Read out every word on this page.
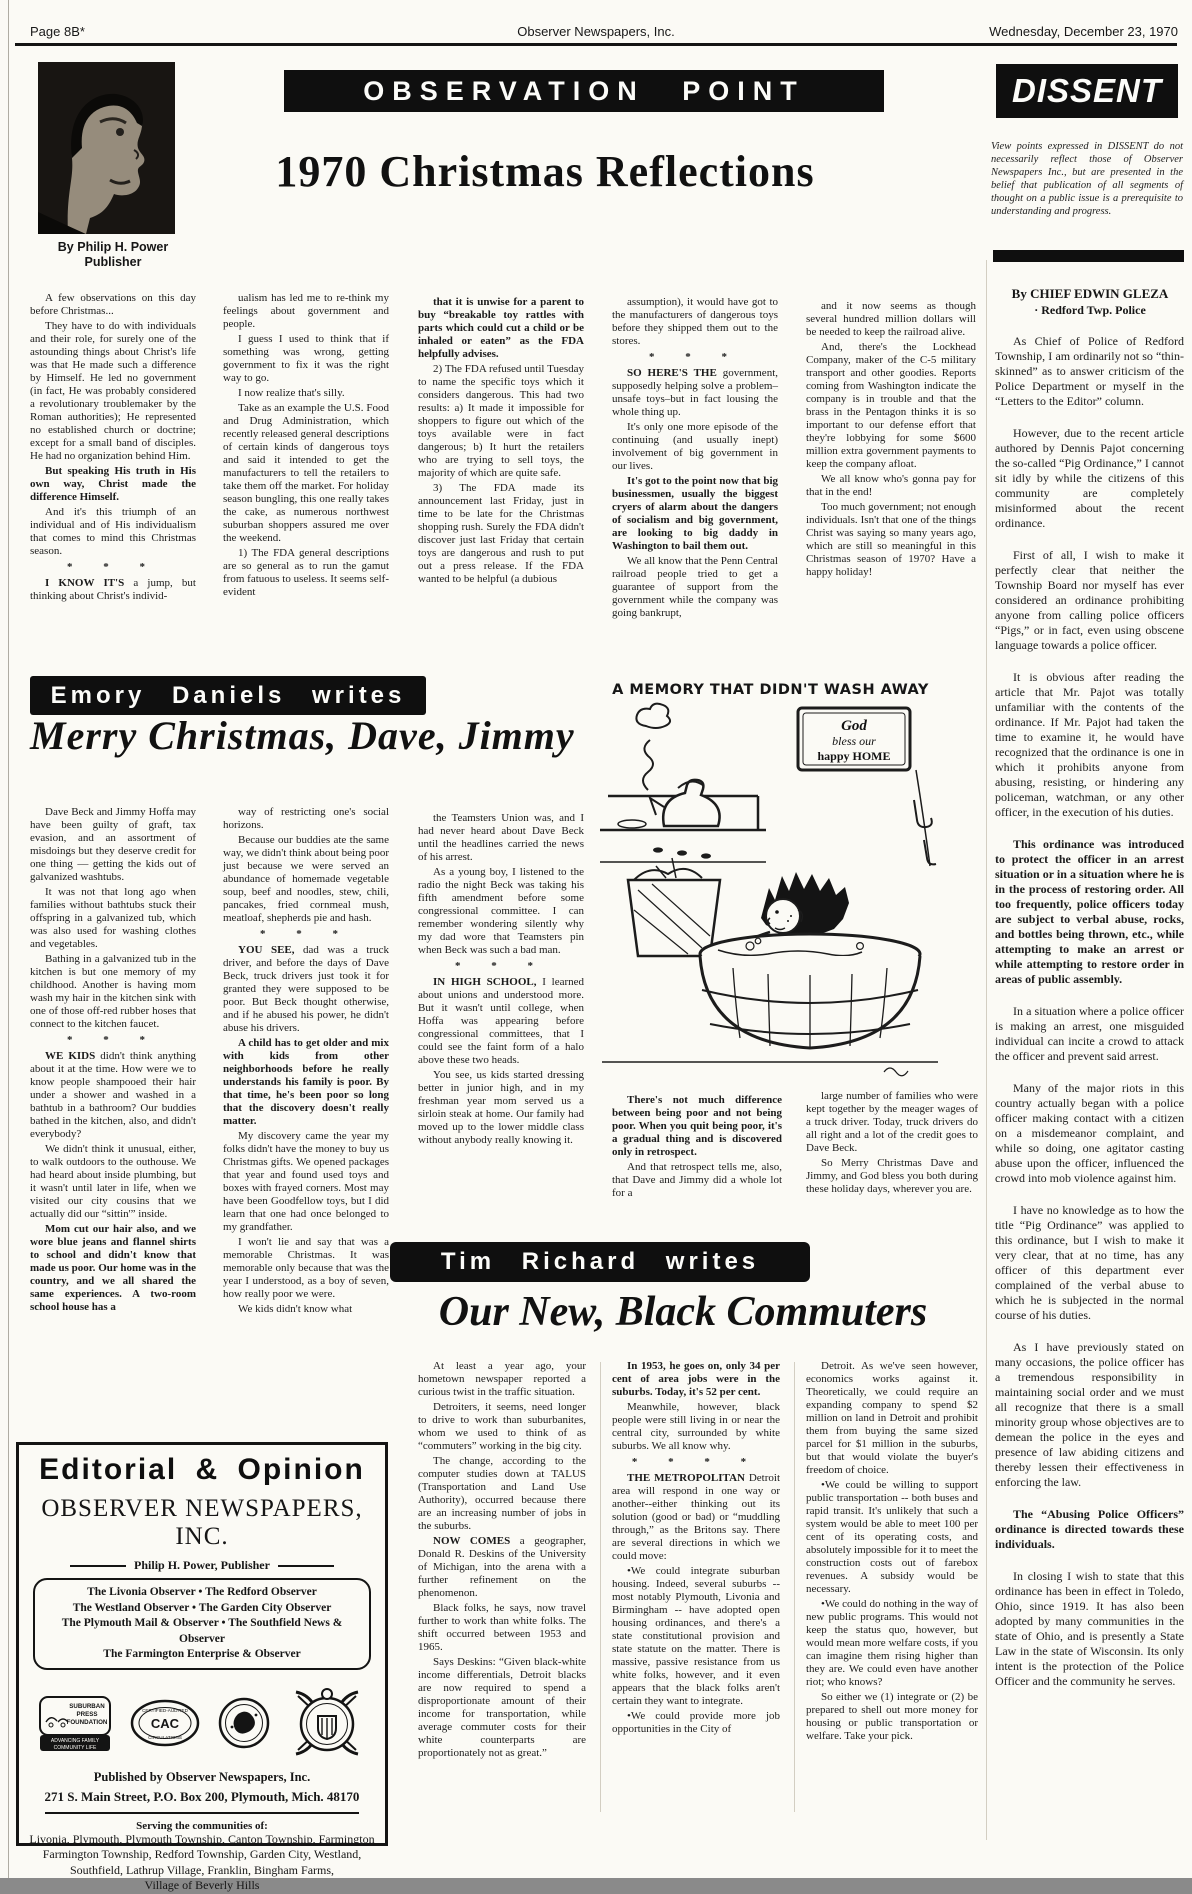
Page 8B*	Observer Newspapers, Inc.	Wednesday, December 23, 1970
By Philip H. Power
Publisher
OBSERVATION POINT	DISSENT
View points expressed in DISSENT do not necessarily reflect those of Observer Newspapers Inc., but are presented in the belief that publication of all segments of thought on a public issue is a prerequisite to understanding and progress.
1970 Christmas Reflections

A few observations on this day before Christmas...

They have to do with individuals and their role, for surely one of the astounding things about Christ's life was that He made such a difference by Himself. He led no government (in fact, He was probably considered a revolutionary troublemaker by the Roman authorities); He represented no established church or doctrine; except for a small band of disciples. He had no organization behind Him.

But speaking His truth in His own way, Christ made the difference Himself.

And it's this triumph of an individual and of His individualism that comes to mind this Christmas season.

* * *

I KNOW IT'S a jump, but thinking about Christ's individ-

ualism has led me to re-think my feelings about government and people.

I guess I used to think that if something was wrong, getting government to fix it was the right way to go.

I now realize that's silly.

Take as an example the U.S. Food and Drug Administration, which recently released general descriptions of certain kinds of dangerous toys and said it intended to get the manufacturers to tell the retailers to take them off the market. For holiday season bungling, this one really takes the cake, as numerous northwest suburban shoppers assured me over the weekend.

1) The FDA general descriptions are so general as to run the gamut from fatuous to useless. It seems self-evident

that it is unwise for a parent to buy “breakable toy rattles with parts which could cut a child or be inhaled or eaten” as the FDA helpfully advises.

2) The FDA refused until Tuesday to name the specific toys which it considers dangerous. This had two results: a) It made it impossible for shoppers to figure out which of the toys available were in fact dangerous; b) It hurt the retailers who are trying to sell toys, the majority of which are quite safe.

3) The FDA made its announcement last Friday, just in time to be late for the Christmas shopping rush. Surely the FDA didn't discover just last Friday that certain toys are dangerous and rush to put out a press release. If the FDA wanted to be helpful (a dubious

assumption), it would have got to the manufacturers of dangerous toys before they shipped them out to the stores.

* * *

SO HERE'S THE government, supposedly helping solve a problem–unsafe toys–but in fact lousing the whole thing up.

It's only one more episode of the continuing (and usually inept) involvement of big government in our lives.

It's got to the point now that big businessmen, usually the biggest cryers of alarm about the dangers of socialism and big government, are looking to big daddy in Washington to bail them out.

We all know that the Penn Central railroad people tried to get a guarantee of support from the government while the company was going bankrupt,

and it now seems as though several hundred million dollars will be needed to keep the railroad alive.

And, there's the Lockhead Company, maker of the C-5 military transport and other goodies. Reports coming from Washington indicate the company is in trouble and that the brass in the Pentagon thinks it is so important to our defense effort that they're lobbying for some $600 million extra government payments to keep the company afloat.

We all know who's gonna pay for that in the end!

Too much government; not enough individuals. Isn't that one of the things Christ was saying so many years ago, which are still so meaningful in this Christmas season of 1970? Have a happy holiday!

By CHIEF EDWIN GLEZA
· Redford Twp. Police

As Chief of Police of Redford Township, I am ordinarily not so “thin-skinned” as to answer criticism of the Police Department or myself in the “Letters to the Editor” column.

However, due to the recent article authored by Dennis Pajot concerning the so-called “Pig Ordinance,” I cannot sit idly by while the citizens of this community are completely misinformed about the recent ordinance.

First of all, I wish to make it perfectly clear that neither the Township Board nor myself has ever considered an ordinance prohibiting anyone from calling police officers “Pigs,” or in fact, even using obscene language towards a police officer.

It is obvious after reading the article that Mr. Pajot was totally unfamiliar with the contents of the ordinance. If Mr. Pajot had taken the time to examine it, he would have recognized that the ordinance is one in which it prohibits anyone from abusing, resisting, or hindering any policeman, watchman, or any other officer, in the execution of his duties.

This ordinance was introduced to protect the officer in an arrest situation or in a situation where he is in the process of restoring order. All too frequently, police officers today are subject to verbal abuse, rocks, and bottles being thrown, etc., while attempting to make an arrest or while attempting to restore order in areas of public assembly.

In a situation where a police officer is making an arrest, one misguided individual can incite a crowd to attack the officer and prevent said arrest.

Many of the major riots in this country actually began with a police officer making contact with a citizen on a misdemeanor complaint, and while so doing, one agitator casting abuse upon the officer, influenced the crowd into mob violence against him.

I have no knowledge as to how the title “Pig Ordinance” was applied to this ordinance, but I wish to make it very clear, that at no time, has any officer of this department ever complained of the verbal abuse to which he is subjected in the normal course of his duties.

As I have previously stated on many occasions, the police officer has a tremendous responsibility in maintaining social order and we must all recognize that there is a small minority group whose objectives are to demean the police in the eyes and presence of law abiding citizens and thereby lessen their effectiveness in enforcing the law.

The “Abusing Police Officers” ordinance is directed towards these individuals.

In closing I wish to state that this ordinance has been in effect in Toledo, Ohio, since 1919. It has also been adopted by many communities in the state of Ohio, and is presently a State Law in the state of Wisconsin. Its only intent is the protection of the Police Officer and the community he serves.

Emory Daniels writes
Merry Christmas, Dave, Jimmy
A MEMORY THAT DIDN'T WASH AWAY
God
bless our
happy HOME

Dave Beck and Jimmy Hoffa may have been guilty of graft, tax evasion, and an assortment of misdoings but they deserve credit for one thing — getting the kids out of galvanized washtubs.

It was not that long ago when families without bathtubs stuck their offspring in a galvanized tub, which was also used for washing clothes and vegetables.

Bathing in a galvanized tub in the kitchen is but one memory of my childhood. Another is having mom wash my hair in the kitchen sink with one of those off-red rubber hoses that connect to the kitchen faucet.

* * *

WE KIDS didn't think anything about it at the time. How were we to know people shampooed their hair under a shower and washed in a bathtub in a bathroom? Our buddies bathed in the kitchen, also, and didn't everybody?

We didn't think it unusual, either, to walk outdoors to the outhouse. We had heard about inside plumbing, but it wasn't until later in life, when we visited our city cousins that we actually did our “sittin'” inside.

Mom cut our hair also, and we wore blue jeans and flannel shirts to school and didn't know that made us poor. Our home was in the country, and we all shared the same experiences. A two-room school house has a

way of restricting one's social horizons.

Because our buddies ate the same way, we didn't think about being poor just because we were served an abundance of homemade vegetable soup, beef and noodles, stew, chili, pancakes, fried cornmeal mush, meatloaf, shepherds pie and hash.

* * *

YOU SEE, dad was a truck driver, and before the days of Dave Beck, truck drivers just took it for granted they were supposed to be poor. But Beck thought otherwise, and if he abused his power, he didn't abuse his drivers.

A child has to get older and mix with kids from other neighborhoods before he really understands his family is poor. By that time, he's been poor so long that the discovery doesn't really matter.

My discovery came the year my folks didn't have the money to buy us Christmas gifts. We opened packages that year and found used toys and boxes with frayed corners. Most may have been Goodfellow toys, but I did learn that one had once belonged to my grandfather.

I won't lie and say that was a memorable Christmas. It was memorable only because that was the year I understood, as a boy of seven, how really poor we were.

We kids didn't know what

the Teamsters Union was, and I had never heard about Dave Beck until the headlines carried the news of his arrest.

As a young boy, I listened to the radio the night Beck was taking his fifth amendment before some congressional committee. I can remember wondering silently why my dad wore that Teamsters pin when Beck was such a bad man.

* * *

IN HIGH SCHOOL, I learned about unions and understood more. But it wasn't until college, when Hoffa was appearing before congressional committees, that I could see the faint form of a halo above these two heads.

You see, us kids started dressing better in junior high, and in my freshman year mom served us a sirloin steak at home. Our family had moved up to the lower middle class without anybody really knowing it.

There's not much difference between being poor and not being poor. When you quit being poor, it's a gradual thing and is discovered only in retrospect.

And that retrospect tells me, also, that Dave and Jimmy did a whole lot for a

large number of families who were kept together by the meager wages of a truck driver. Today, truck drivers do all right and a lot of the credit goes to Dave Beck.

So Merry Christmas Dave and Jimmy, and God bless you both during these holiday days, wherever you are.

Tim Richard writes
Our New, Black Commuters

At least a year ago, your hometown newspaper reported a curious twist in the traffic situation.

Detroiters, it seems, need longer to drive to work than suburbanites, whom we used to think of as “commuters” working in the big city.

The change, according to the computer studies down at TALUS (Transportation and Land Use Authority), occurred because there are an increasing number of jobs in the suburbs.

NOW COMES a geographer, Donald R. Deskins of the University of Michigan, into the arena with a further refinement on the phenomenon.

Black folks, he says, now travel further to work than white folks. The shift occurred between 1953 and 1965.

Says Deskins: “Given black-white income differentials, Detroit blacks are now required to spend a disproportionate amount of their income for transportation, while average commuter costs for their white counterparts are proportionately not as great.”

In 1953, he goes on, only 34 per cent of area jobs were in the suburbs. Today, it's 52 per cent.

Meanwhile, however, black people were still living in or near the central city, surrounded by white suburbs. We all know why.

* * * *

THE METROPOLITAN Detroit area will respond in one way or another--either thinking out its solution (good or bad) or “muddling through,” as the Britons say. There are several directions in which we could move:

•We could integrate suburban housing. Indeed, several suburbs -- most notably Plymouth, Livonia and Birmingham -- have adopted open housing ordinances, and there's a state constitutional provision and state statute on the matter. There is massive, passive resistance from us white folks, however, and it even appears that the black folks aren't certain they want to integrate.

•We could provide more job opportunities in the City of

Detroit. As we've seen however, economics works against it. Theoretically, we could require an expanding company to spend $2 million on land in Detroit and prohibit them from buying the same sized parcel for $1 million in the suburbs, but that would violate the buyer's freedom of choice.

•We could be willing to support public transportation -- both buses and rapid transit. It's unlikely that such a system would be able to meet 100 per cent of its operating costs, and absolutely impossible for it to meet the construction costs out of farebox revenues. A subsidy would be necessary.

•We could do nothing in the way of new public programs. This would not keep the status quo, however, but would mean more welfare costs, if you can imagine them rising higher than they are. We could even have another riot; who knows?

So either we (1) integrate or (2) be prepared to shell out more money for housing or public transportation or welfare. Take your pick.

Editorial & Opinion
OBSERVER NEWSPAPERS, INC.
Philip H. Power, Publisher

The Livonia Observer • The Redford Observer

The Westland Observer • The Garden City Observer

The Plymouth Mail & Observer • The Southfield News & Observer

The Farmington Enterprise & Observer

SUBURBAN
PRESS
FOUNDATION
ADVANCING FAMILY
COMMUNITY LIFE
CERTIFIED-AUDITED
CAC
CIRCULATIONS
Published by Observer Newspapers, Inc.
271 S. Main Street, P.O. Box 200, Plymouth, Mich. 48170
Serving the communities of:

Livonia, Plymouth, Plymouth Township, Canton Township, Farmington

Farmington Township, Redford Township, Garden City, Westland,

Southfield, Lathrup Village, Franklin, Bingham Farms,

Village of Beverly Hills
